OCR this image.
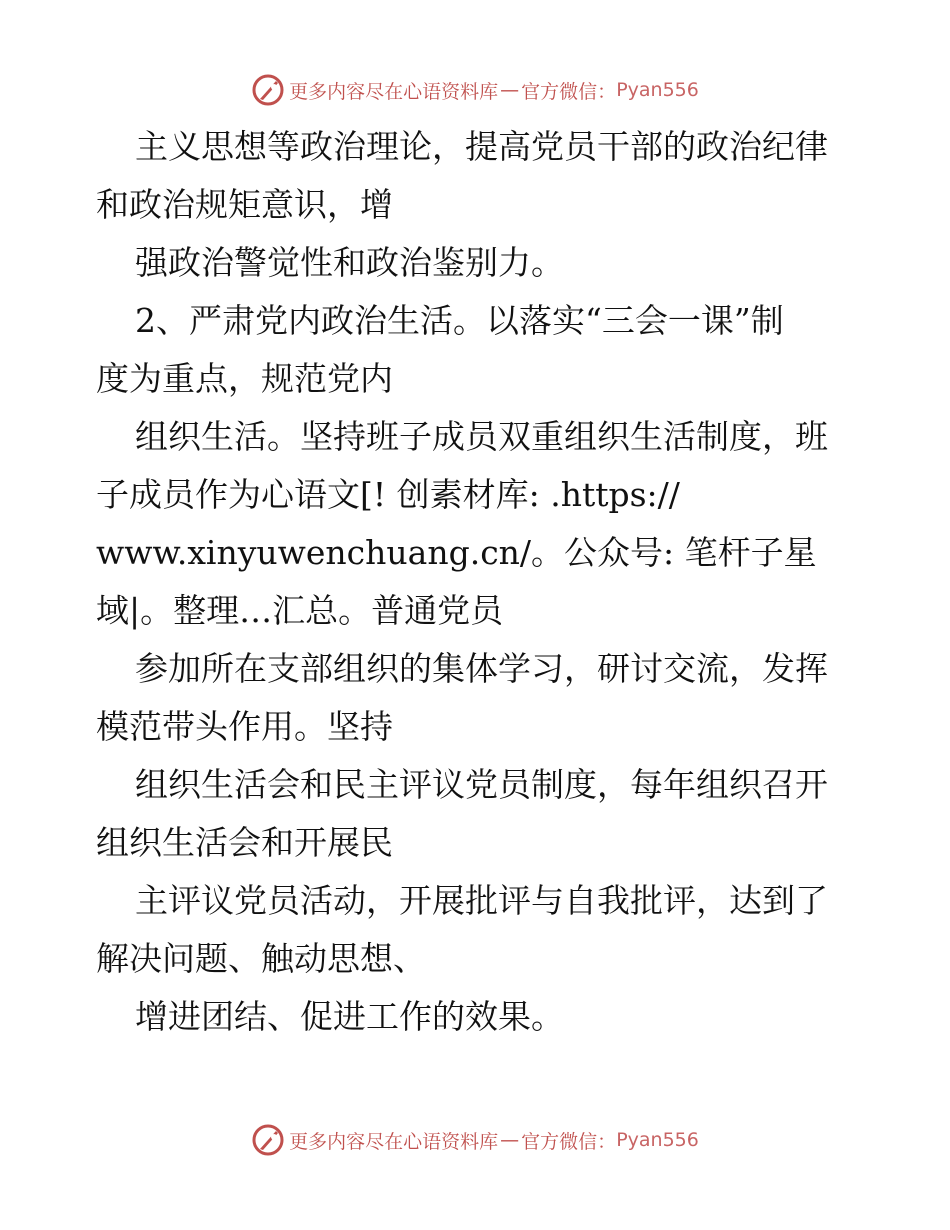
更多内容尽在心语资料库 — 官方微信： Pyan556
主义思想等政治理论，提高党员干部的政治纪律
和政治规矩意识，增
强政治警觉性和政治鉴别力。
2、严肃党内政治生活。以落实“三会一课”制
度为重点，规范党内
组织生活。坚持班子成员双重组织生活制度，班
子成员作为心语文[! 创素材库: .https://
www.xinyuwenchuang.cn/。公众号: 笔杆子星
域|。整理…汇总。普通党员
参加所在支部组织的集体学习，研讨交流，发挥
模范带头作用。坚持
组织生活会和民主评议党员制度，每年组织召开
组织生活会和开展民
主评议党员活动，开展批评与自我批评，达到了
解决问题、触动思想、
增进团结、促进工作的效果。
更多内容尽在心语资料库 — 官方微信： Pyan556
